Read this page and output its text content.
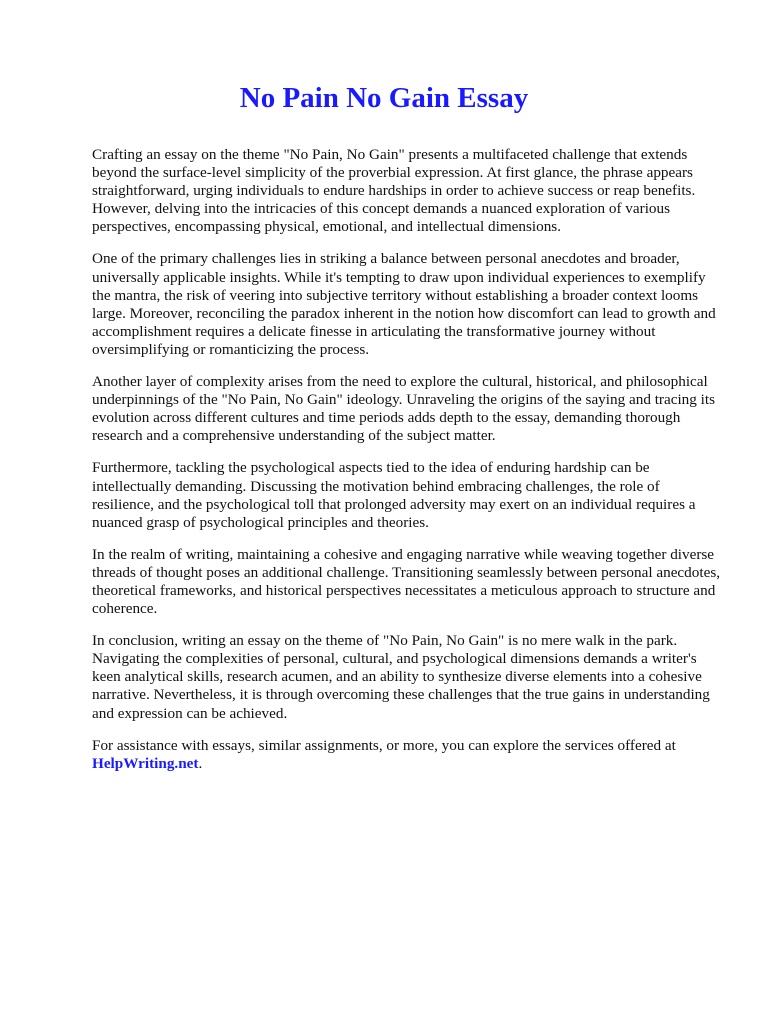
No Pain No Gain Essay

Crafting an essay on the theme "No Pain, No Gain" presents a multifaceted challenge that extends beyond the surface-level simplicity of the proverbial expression. At first glance, the phrase appears straightforward, urging individuals to endure hardships in order to achieve success or reap benefits. However, delving into the intricacies of this concept demands a nuanced exploration of various perspectives, encompassing physical, emotional, and intellectual dimensions.

One of the primary challenges lies in striking a balance between personal anecdotes and broader, universally applicable insights. While it's tempting to draw upon individual experiences to exemplify the mantra, the risk of veering into subjective territory without establishing a broader context looms large. Moreover, reconciling the paradox inherent in the notion how discomfort can lead to growth and accomplishment requires a delicate finesse in articulating the transformative journey without oversimplifying or romanticizing the process.

Another layer of complexity arises from the need to explore the cultural, historical, and philosophical underpinnings of the "No Pain, No Gain" ideology. Unraveling the origins of the saying and tracing its evolution across different cultures and time periods adds depth to the essay, demanding thorough research and a comprehensive understanding of the subject matter.

Furthermore, tackling the psychological aspects tied to the idea of enduring hardship can be intellectually demanding. Discussing the motivation behind embracing challenges, the role of resilience, and the psychological toll that prolonged adversity may exert on an individual requires a nuanced grasp of psychological principles and theories.

In the realm of writing, maintaining a cohesive and engaging narrative while weaving together diverse threads of thought poses an additional challenge. Transitioning seamlessly between personal anecdotes, theoretical frameworks, and historical perspectives necessitates a meticulous approach to structure and coherence.

In conclusion, writing an essay on the theme of "No Pain, No Gain" is no mere walk in the park. Navigating the complexities of personal, cultural, and psychological dimensions demands a writer's keen analytical skills, research acumen, and an ability to synthesize diverse elements into a cohesive narrative. Nevertheless, it is through overcoming these challenges that the true gains in understanding and expression can be achieved.

For assistance with essays, similar assignments, or more, you can explore the services offered at
HelpWriting.net.
